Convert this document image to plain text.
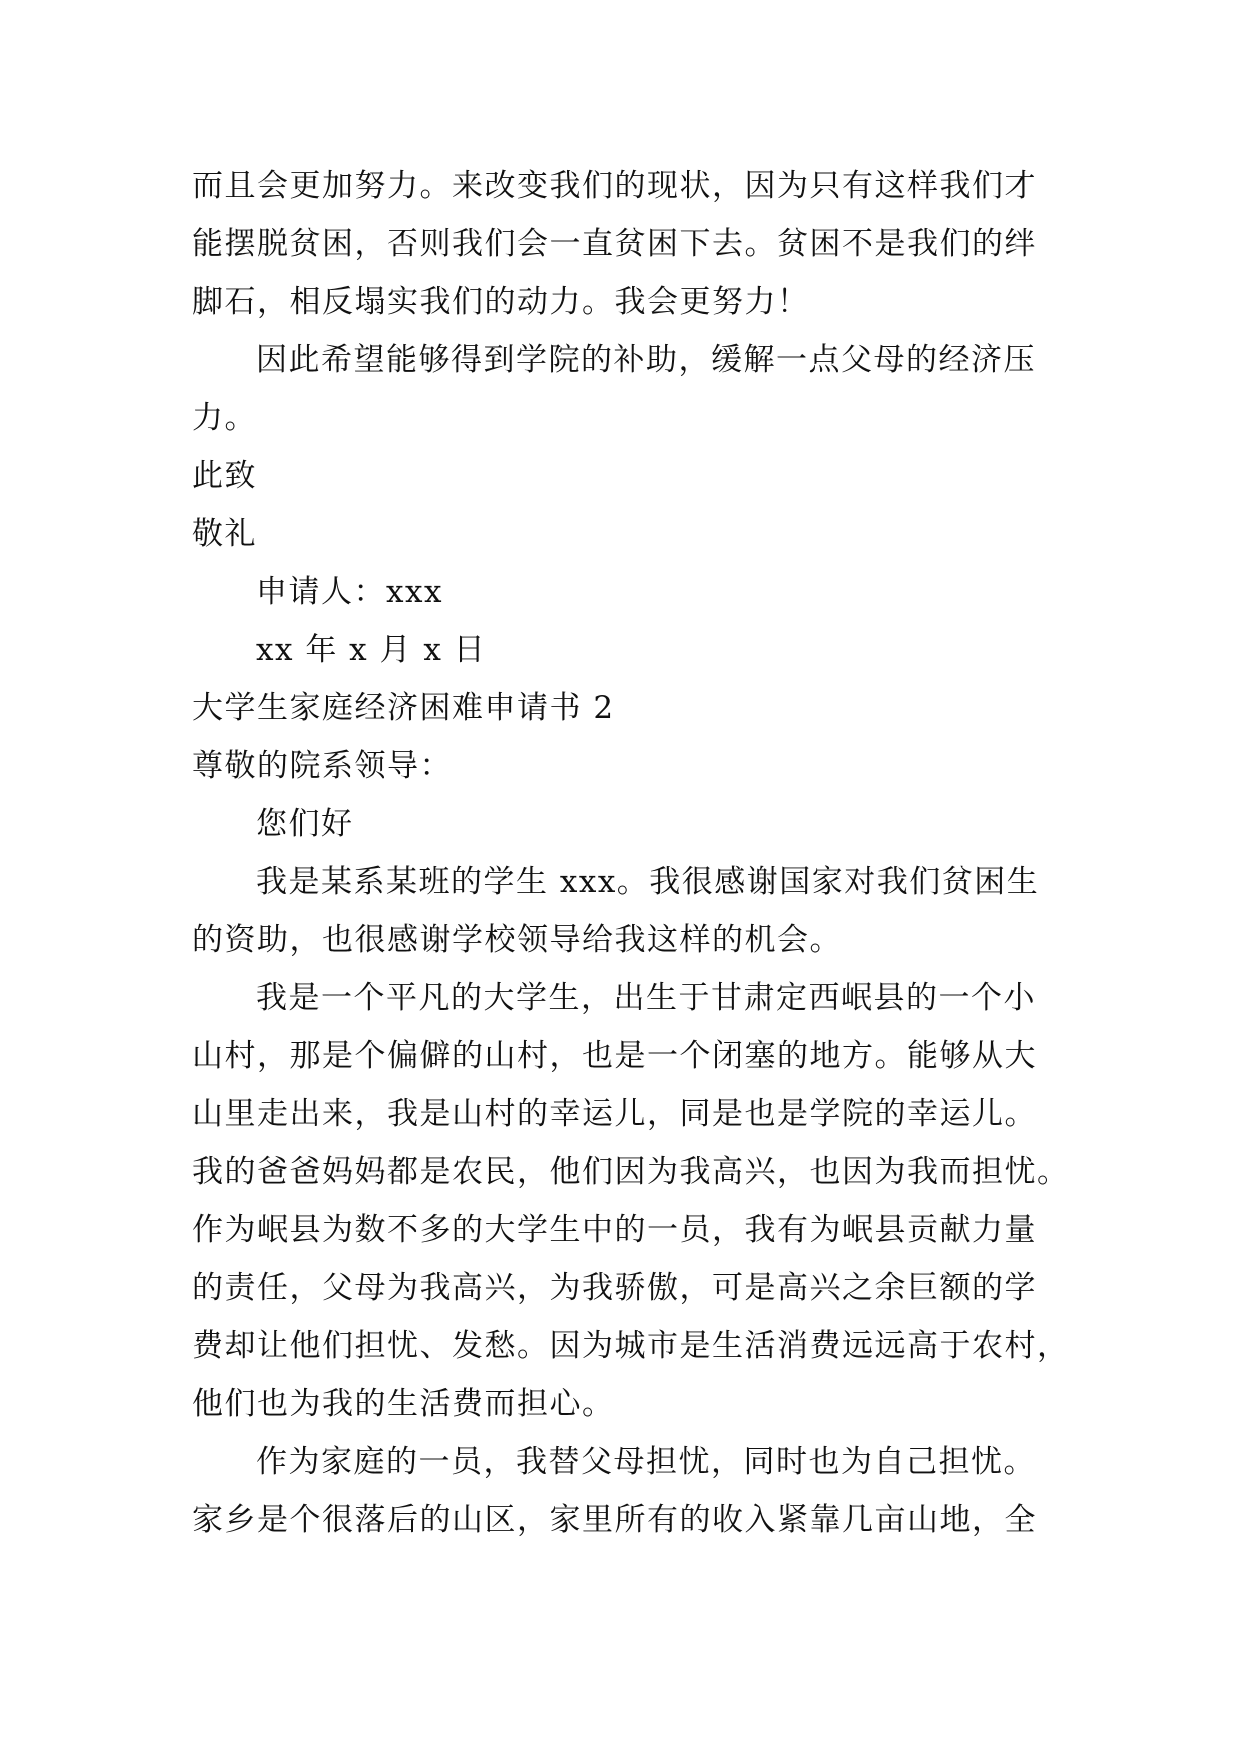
而且会更加努力。来改变我们的现状，因为只有这样我们才
能摆脱贫困，否则我们会一直贫困下去。贫困不是我们的绊
脚石，相反塌实我们的动力。我会更努力！
因此希望能够得到学院的补助，缓解一点父母的经济压
力。
此致
敬礼
申请人：xxx
xx 年 x 月 x 日
大学生家庭经济困难申请书 2
尊敬的院系领导：
您们好
我是某系某班的学生 xxx。我很感谢国家对我们贫困生
的资助，也很感谢学校领导给我这样的机会。
我是一个平凡的大学生，出生于甘肃定西岷县的一个小
山村，那是个偏僻的山村，也是一个闭塞的地方。能够从大
山里走出来，我是山村的幸运儿，同是也是学院的幸运儿。
我的爸爸妈妈都是农民，他们因为我高兴，也因为我而担忧。
作为岷县为数不多的大学生中的一员，我有为岷县贡献力量
的责任，父母为我高兴，为我骄傲，可是高兴之余巨额的学
费却让他们担忧、发愁。因为城市是生活消费远远高于农村，
他们也为我的生活费而担心。
作为家庭的一员，我替父母担忧，同时也为自己担忧。
家乡是个很落后的山区，家里所有的收入紧靠几亩山地，全
